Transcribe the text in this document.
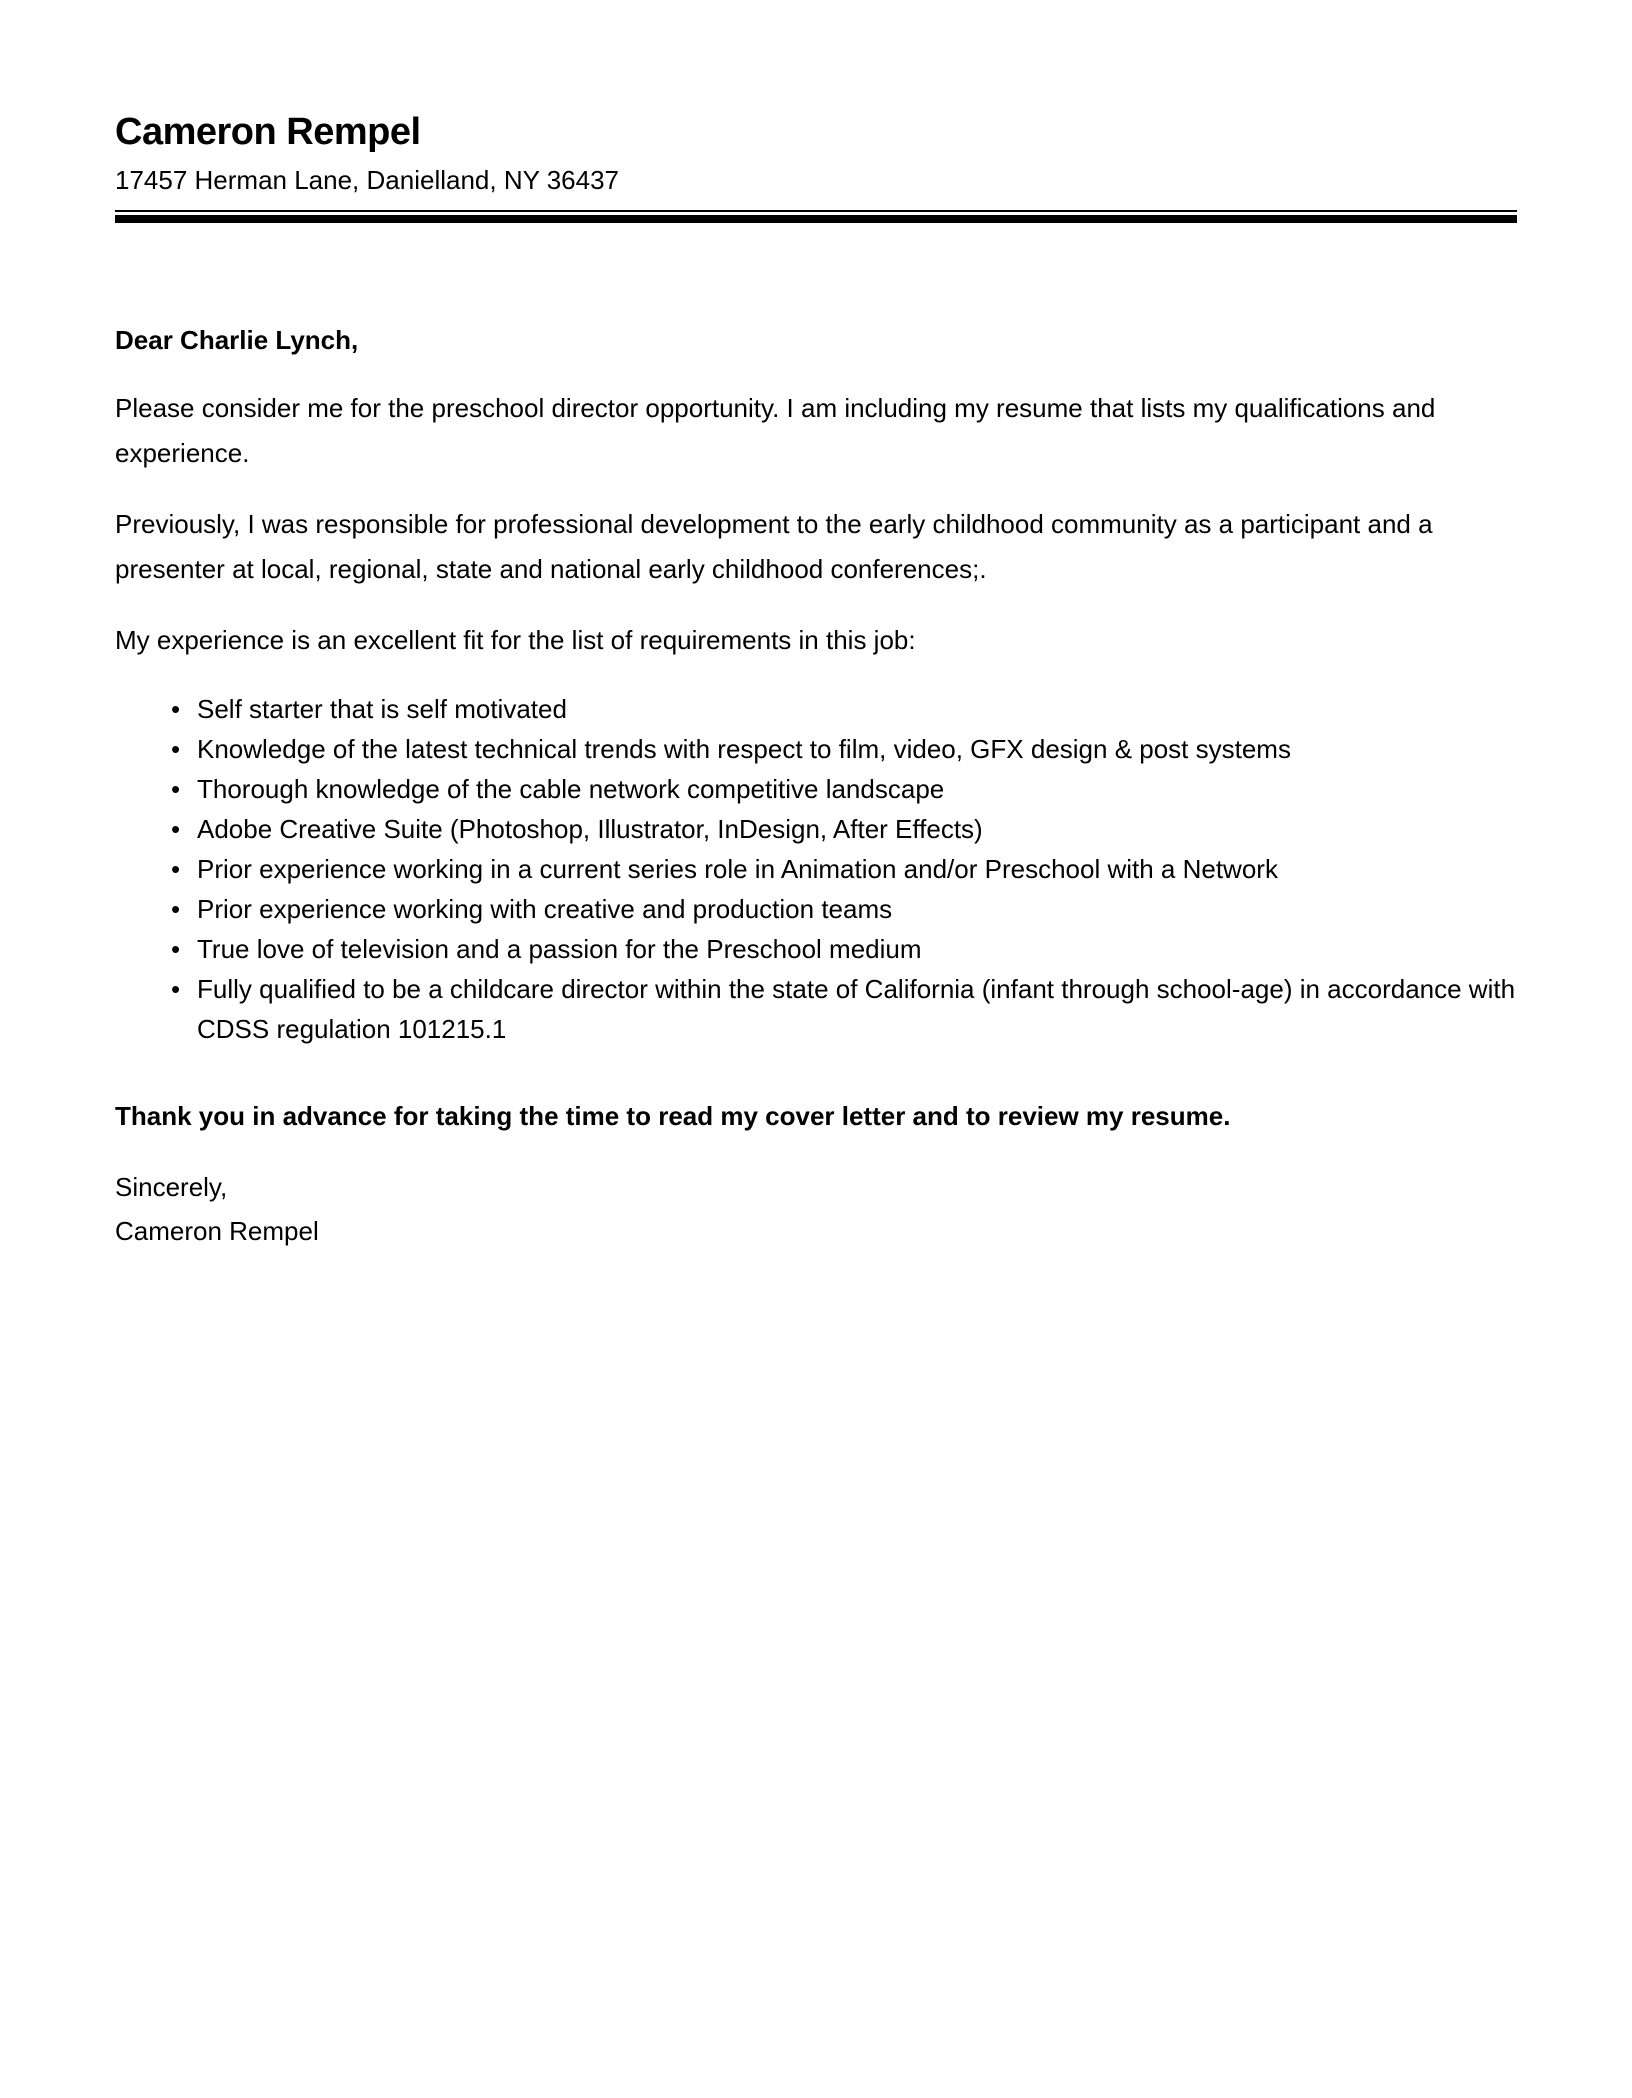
Cameron Rempel
17457 Herman Lane, Danielland, NY 36437
Dear Charlie Lynch,

Please consider me for the preschool director opportunity. I am including my resume that lists my qualifications and experience.

Previously, I was responsible for professional development to the early childhood community as a participant and a presenter at local, regional, state and national early childhood conferences;.

My experience is an excellent fit for the list of requirements in this job:

• Self starter that is self motivated
• Knowledge of the latest technical trends with respect to film, video, GFX design & post systems
• Thorough knowledge of the cable network competitive landscape
• Adobe Creative Suite (Photoshop, Illustrator, InDesign, After Effects)
• Prior experience working in a current series role in Animation and/or Preschool with a Network
• Prior experience working with creative and production teams
• True love of television and a passion for the Preschool medium
• Fully qualified to be a childcare director within the state of California (infant through school-age) in accordance with CDSS regulation 101215.1

Thank you in advance for taking the time to read my cover letter and to review my resume.

Sincerely,
Cameron Rempel
